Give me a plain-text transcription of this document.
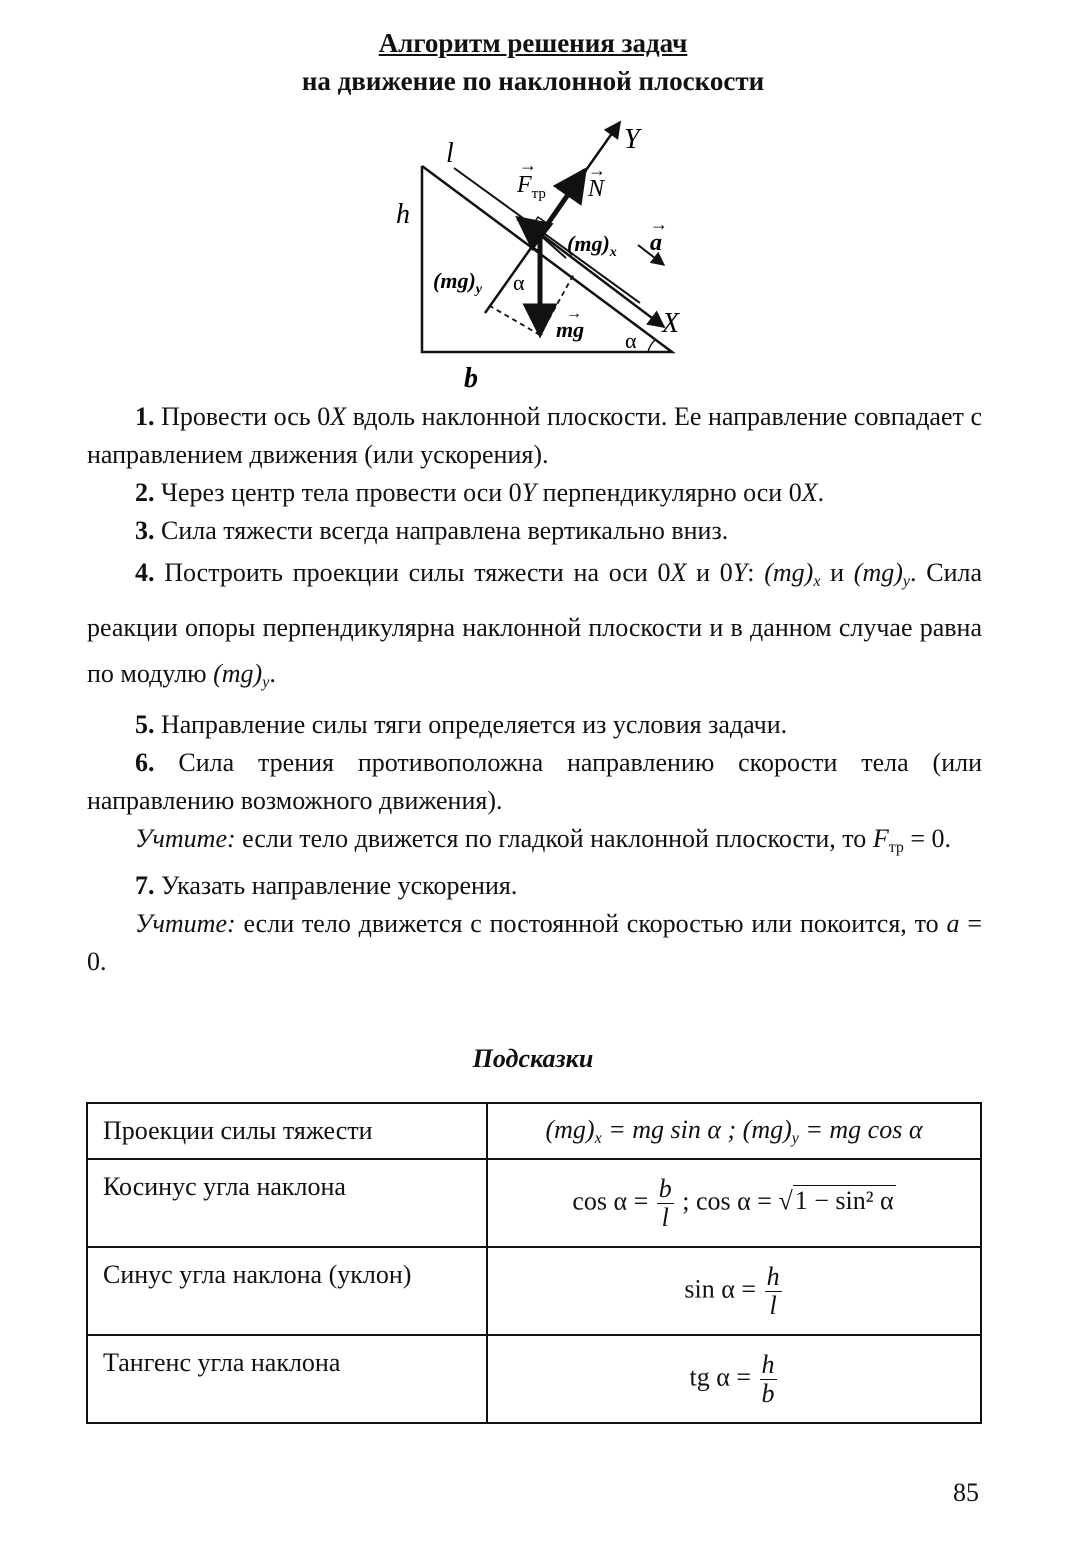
Алгоритм решения задач
на движение по наклонной плоскости
l
h
b
Y
X
N
→
$F_{тр}$
→
$(mg)_x$ a
→
$(mg)_y$ α
mg
→
α

1. Провести ось 0X вдоль наклонной плоскости. Ее направление совпадает с направлением движения (или ускорения).

2. Через центр тела провести оси 0Y перпендикулярно оси 0X.

3. Сила тяжести всегда направлена вертикально вниз.

4. Построить проекции силы тяжести на оси 0X и 0Y: $(mg)_x$ и $(mg)_y$. Сила реакции опоры перпендикулярна наклонной плоскости и в данном случае равна по модулю $(mg)_y$.

5. Направление силы тяги определяется из условия задачи.

6. Сила трения противоположна направлению скорости тела (или направлению возможного движения).

Учтите: если тело движется по гладкой наклонной плоскости, то Fтр = 0.

7. Указать направление ускорения.

Учтите: если тело движется с постоянной скоростью или покоится, то a = 0.

Подсказки
Проекции силы тяжести	$(mg)_x$ = mg sin α ; $(mg)_y$ = mg cos α
Косинус угла наклона	$\cos \alpha = \frac{b}{l}$ ; cos α = √1 − sin² α
Синус угла наклона (уклон)	$\sin \alpha = \frac{h}{l}$

Тангенс угла наклона	tg $\alpha = \frac{h}{b}$
85
